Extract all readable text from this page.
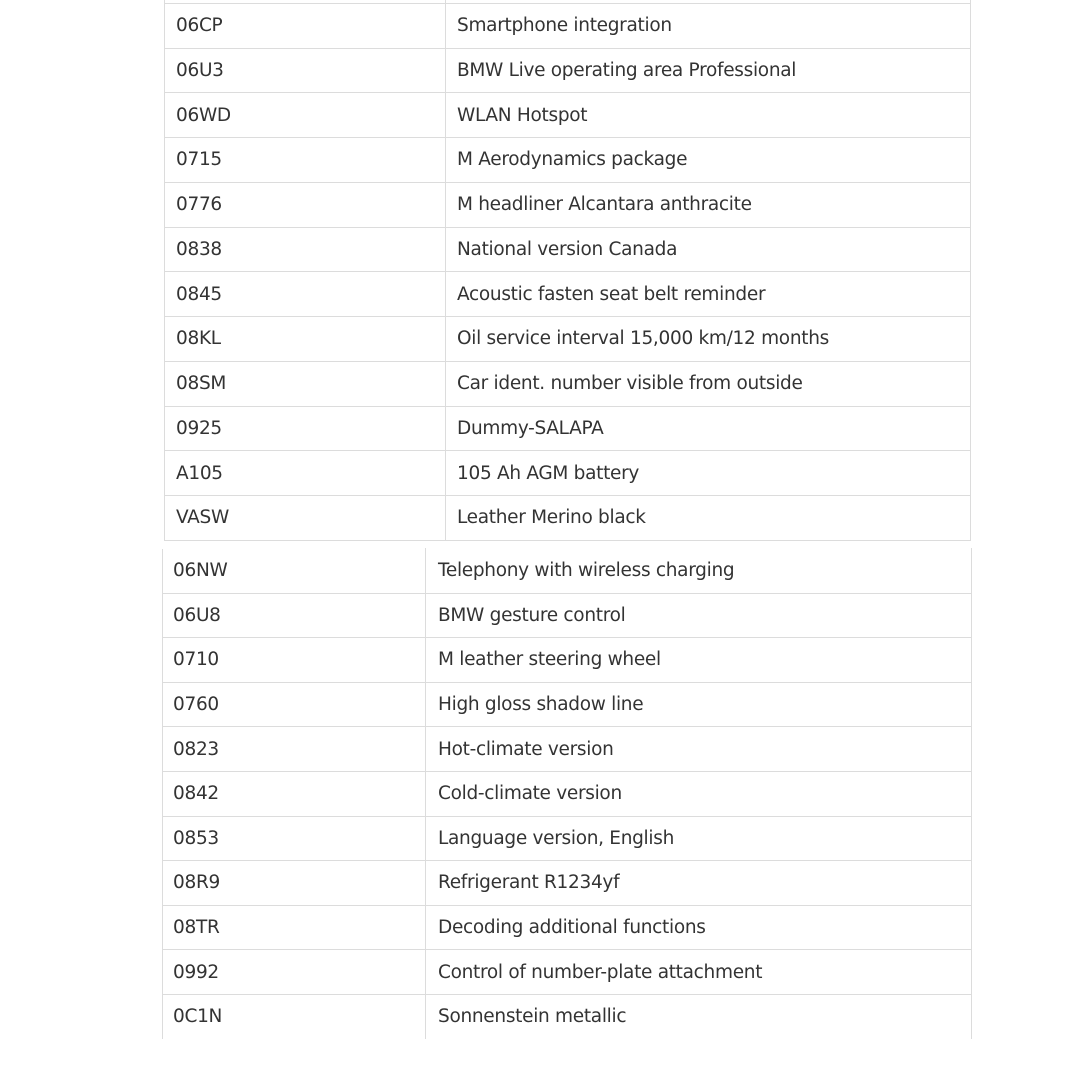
06CP	Smartphone integration
06U3	BMW Live operating area Professional
06WD	WLAN Hotspot
0715	M Aerodynamics package
0776	M headliner Alcantara anthracite
0838	National version Canada
0845	Acoustic fasten seat belt reminder
08KL	Oil service interval 15,000 km/12 months
08SM	Car ident. number visible from outside
0925	Dummy-SALAPA
A105	105 Ah AGM battery
VASW	Leather Merino black
06NW	Telephony with wireless charging
06U8	BMW gesture control
0710	M leather steering wheel
0760	High gloss shadow line
0823	Hot-climate version
0842	Cold-climate version
0853	Language version, English
08R9	Refrigerant R1234yf
08TR	Decoding additional functions
0992	Control of number-plate attachment
0C1N	Sonnenstein metallic
